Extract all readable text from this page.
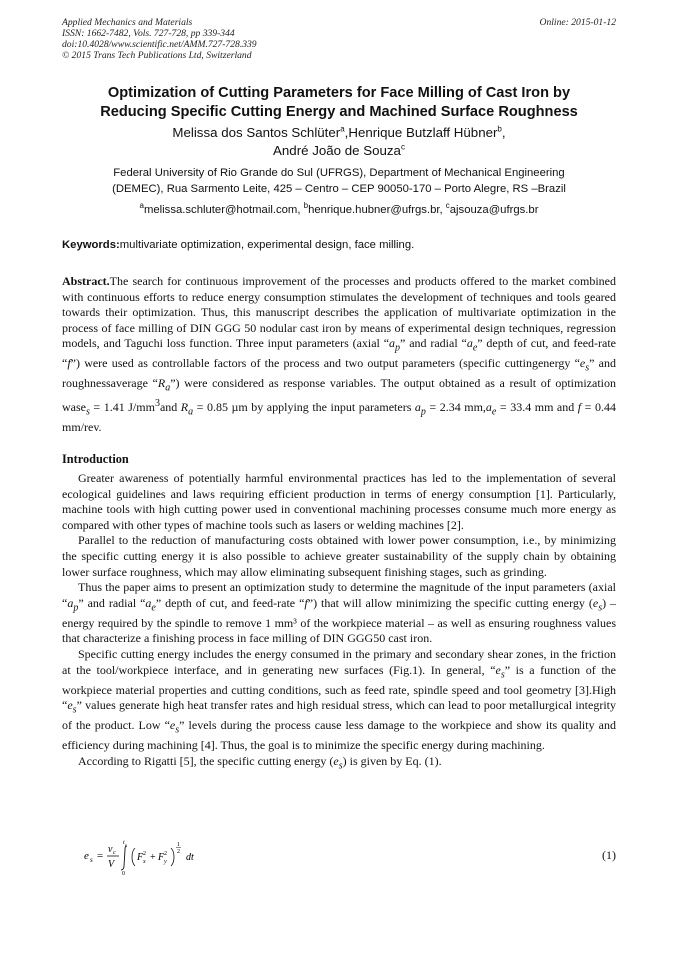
Applied Mechanics and Materials
ISSN: 1662-7482, Vols. 727-728, pp 339-344
doi:10.4028/www.scientific.net/AMM.727-728.339
© 2015 Trans Tech Publications Ltd, Switzerland
Online: 2015-01-12
Optimization of Cutting Parameters for Face Milling of Cast Iron by
Reducing Specific Cutting Energy and Machined Surface Roughness
Melissa dos Santos Schlüter$^a$,Henrique Butzlaff Hübner$^b$,
André João de Souza$^c$
Federal University of Rio Grande do Sul (UFRGS), Department of Mechanical Engineering
(DEMEC), Rua Sarmento Leite, 425 – Centro – CEP 90050-170 – Porto Alegre, RS –Brazil
$^a$melissa.schluter@hotmail.com, $^b$henrique.hubner@ufrgs.br, $^c$ajsouza@ufrgs.br
Keywords:multivariate optimization, experimental design, face milling.
Abstract.The search for continuous improvement of the processes and products offered to the market combined with continuous efforts to reduce energy consumption stimulates the development of techniques and tools geared towards their optimization. Thus, this manuscript describes the application of multivariate optimization in the process of face milling of DIN GGG 50 nodular cast iron by means of experimental design techniques, regression models, and Taguchi loss function. Three input parameters (axial “$a_p$” and radial “$a_e$” depth of cut, and feed-rate “f”) were used as controllable factors of the process and two output parameters (specific cuttingenergy “$e_s$” and roughnessaverage “$R_a$”) were considered as response variables. The output obtained as a result of optimization wase$_s$ = 1.41 $J/mm^3and$ $R_a = 0.85$ µm by applying the input parameters $a_p = 2.34$ $mm,a_e = 33.4$ mm and f = 0.44 mm/rev.
Introduction

Greater awareness of potentially harmful environmental practices has led to the implementation of several ecological guidelines and laws requiring efficient production in terms of energy consumption [1]. Particularly, machine tools with high cutting power used in conventional machining processes consume much more energy as compared with other types of machine tools such as lasers or welding machines [2].

Parallel to the reduction of manufacturing costs obtained with lower power consumption, i.e., by minimizing the specific cutting energy it is also possible to achieve greater sustainability of the supply chain by obtaining lower surface roughness, which may allow eliminating subsequent finishing stages, such as grinding.

Thus the paper aims to present an optimization study to determine the magnitude of the input parameters (axial “$a_p$” and radial “$a_e$” depth of cut, and feed-rate “f”) that will allow minimizing the specific cutting energy $(e_s)$ – energy required by the spindle to remove 1 mm³ of the workpiece material – as well as ensuring roughness values that characterize a finishing process in face milling of DIN GGG50 cast iron.

Specific cutting energy includes the energy consumed in the primary and secondary shear zones, in the friction at the tool/workpiece interface, and in generating new surfaces (Fig.1). In general, “$e_s$” is a function of the workpiece material properties and cutting conditions, such as feed rate, spindle speed and tool geometry [3].High “$e_s$” values generate high heat transfer rates and high residual stress, which can lead to poor metallurgical integrity of the product. Low “$e_s$” levels during the process cause less damage to the workpiece and show its quality and efficiency during machining [4]. Thus, the goal is to minimize the specific energy during machining.

According to Rigatti [5], the specific cutting energy $(e_s)$ is given by Eq. (1).

e s =
v c
V
t c
0
F 2
x + F 2
y
1
2 dt	(1)
